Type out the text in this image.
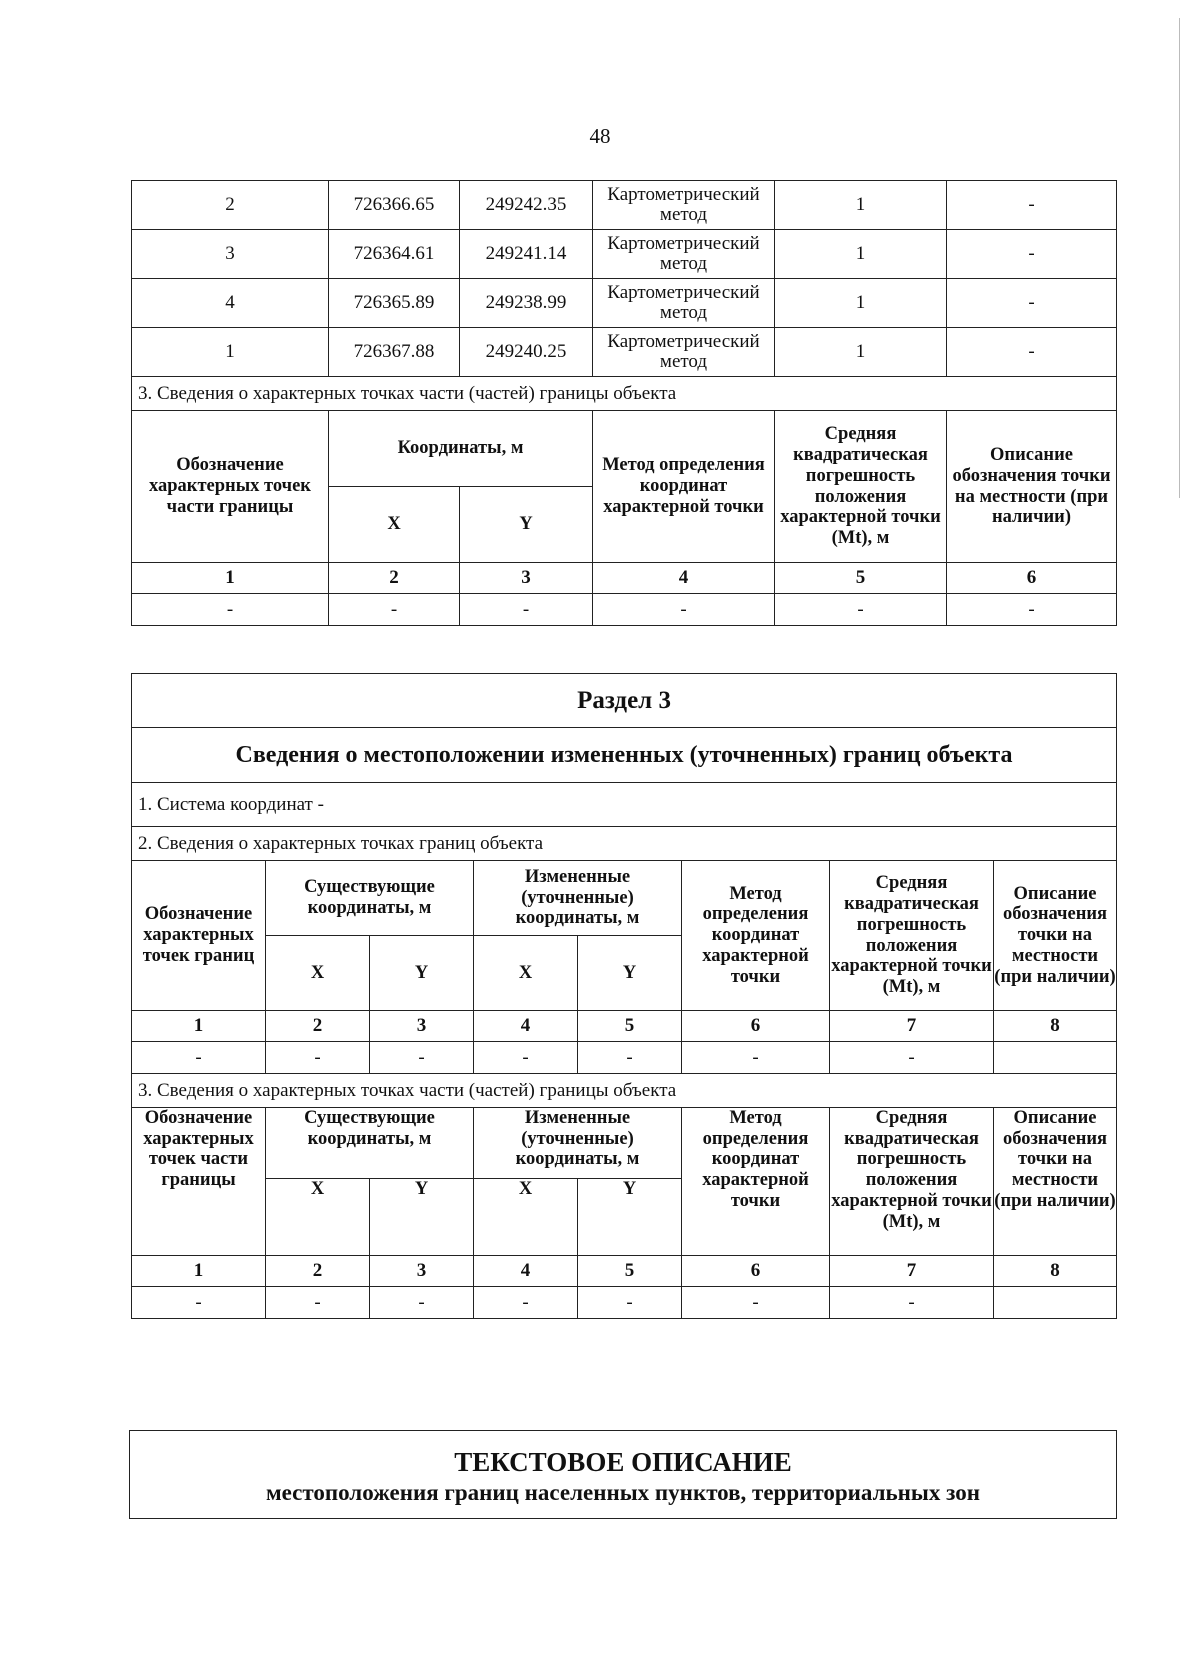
48
2	726366.65	249242.35	Картометрический метод	1	-
3	726364.61	249241.14	Картометрический метод	1	-
4	726365.89	249238.99	Картометрический метод	1	-
1	726367.88	249240.25	Картометрический метод	1	-
3. Сведения о характерных точках части (частей) границы объекта					
Обозначение характерных точек части границы	Координаты, м		Метод определения координат характерной точки	Средняя квадратическая погрешность положения характерной точки (Mt), м	Описание обозначения точки на местности (при наличии)
	X	Y			
1	2	3	4	5	6
-	-	-	-	-	-
Раздел 3							
Сведения о местоположении измененных (уточненных) границ объекта							
1. Система координат -							
2. Сведения о характерных точках границ объекта							
Обозначение характерных точек границ	Существующие координаты, м		Измененные (уточненные) координаты, м		Метод определения координат характерной точки	Средняя квадратическая погрешность положения характерной точки (Mt), м	Описание обозначения точки на местности (при наличии)
	X	Y	X	Y			
1	2	3	4	5	6	7	8
-	-	-	-	-	-	-	
3. Сведения о характерных точках части (частей) границы объекта							
Обозначение характерных точек части границы	Существующие координаты, м		Измененные (уточненные) координаты, м		Метод определения координат характерной точки	Средняя квадратическая погрешность положения характерной точки (Mt), м	Описание обозначения точки на местности (при наличии)
	X	Y	X	Y			
1	2	3	4	5	6	7	8
-	-	-	-	-	-	-	
ТЕКСТОВОЕ ОПИСАНИЕ
местоположения границ населенных пунктов, территориальных зон
